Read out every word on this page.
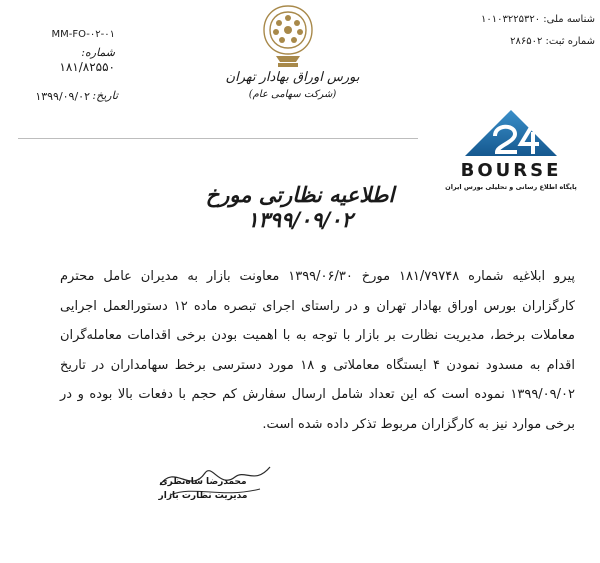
MM-FO-۰۲-۰۱
شماره:
۱۸۱/۸۲۵۵۰
تاریخ:
۱۳۹۹/۰۹/۰۲
بورس اوراق بهادار تهران
(شرکت سهامی عام)
شناسه ملی: ۱۰۱۰۳۲۲۵۳۲۰
شماره ثبت: ۲۸۶۵۰۲
BOURSE
پایگاه اطلاع رسانی و تحلیلی بورس ایران
اطلاعیه نظارتی مورخ ۱۳۹۹/۰۹/۰۲
پیرو ابلاغیه شماره ۱۸۱/۷۹۷۴۸ مورخ ۱۳۹۹/۰۶/۳۰ معاونت بازار به مدیران عامل محترم کارگزاران بورس اوراق بهادار تهران و در راستای اجرای تبصره ماده ۱۲ دستورالعمل اجرایی معاملات برخط، مدیریت نظارت بر بازار با توجه به با اهمیت بودن برخی اقدامات معامله‌گران اقدام به مسدود نمودن ۴ ایستگاه معاملاتی و ۱۸ مورد دسترسی برخط سهامداران در تاریخ ۱۳۹۹/۰۹/۰۲ نموده است که این تعداد شامل ارسال سفارش کم حجم با دفعات بالا بوده و در برخی موارد نیز به کارگزاران مربوط تذکر داده شده است.
محمدرضا شاه‌نظری
مدیریت نظارت بازار
